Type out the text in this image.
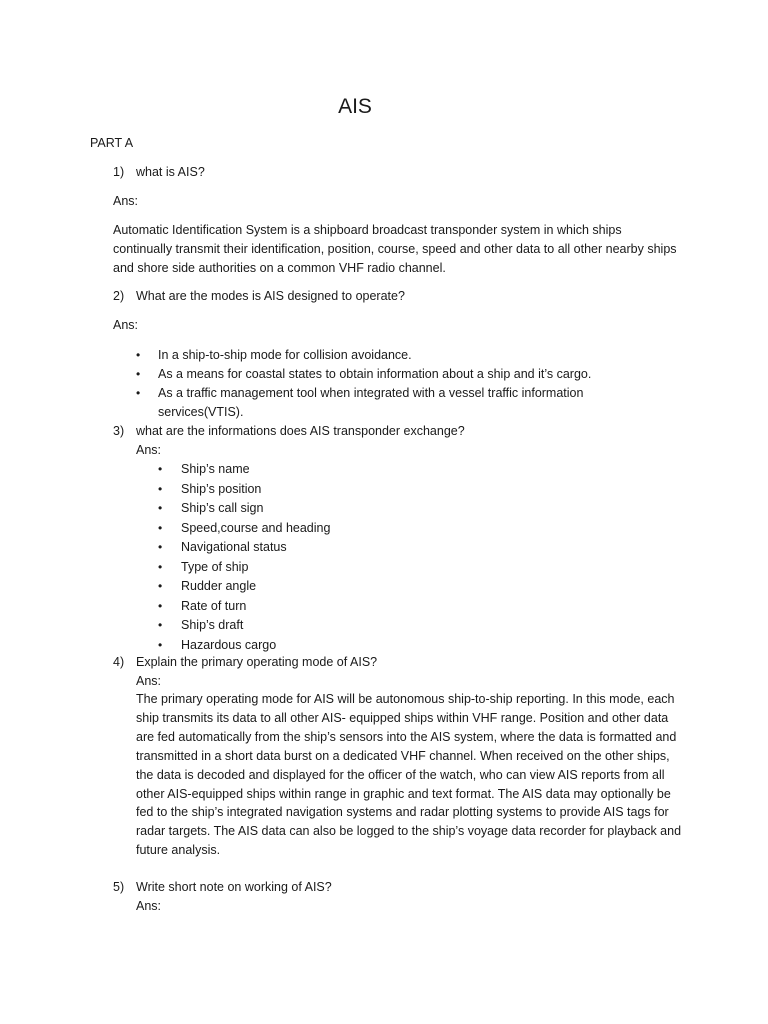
AIS
PART A
1) what is AIS?
Ans:
Automatic Identification System is a shipboard broadcast transponder system in which ships continually transmit their identification, position, course, speed and other data to all other nearby ships and shore side authorities on a common VHF radio channel.
2) What are the modes is AIS designed to operate?
Ans:
•
In a ship-to-ship mode for collision avoidance.
•
As a means for coastal states to obtain information about a ship and it’s cargo.
•
As a traffic management tool when integrated with a vessel traffic information services(VTIS).
3) what are the informations does AIS transponder exchange?
Ans:
•
Ship’s name
•
Ship’s position
•
Ship’s call sign
•
Speed,course and heading
•
Navigational status
•
Type of ship
•
Rudder angle
•
Rate of turn
•
Ship’s draft
•
Hazardous cargo
4) Explain the primary operating mode of AIS?
Ans:
The primary operating mode for AIS will be autonomous ship-to-ship reporting. In this mode, each ship transmits its data to all other AIS- equipped ships within VHF range. Position and other data are fed automatically from the ship’s sensors into the AIS system, where the data is formatted and transmitted in a short data burst on a dedicated VHF channel. When received on the other ships, the data is decoded and displayed for the officer of the watch, who can view AIS reports from all other AIS-equipped ships within range in graphic and text format. The AIS data may optionally be fed to the ship’s integrated navigation systems and radar plotting systems to provide AIS tags for radar targets. The AIS data can also be logged to the ship’s voyage data recorder for playback and future analysis.
5) Write short note on working of AIS?
Ans:
